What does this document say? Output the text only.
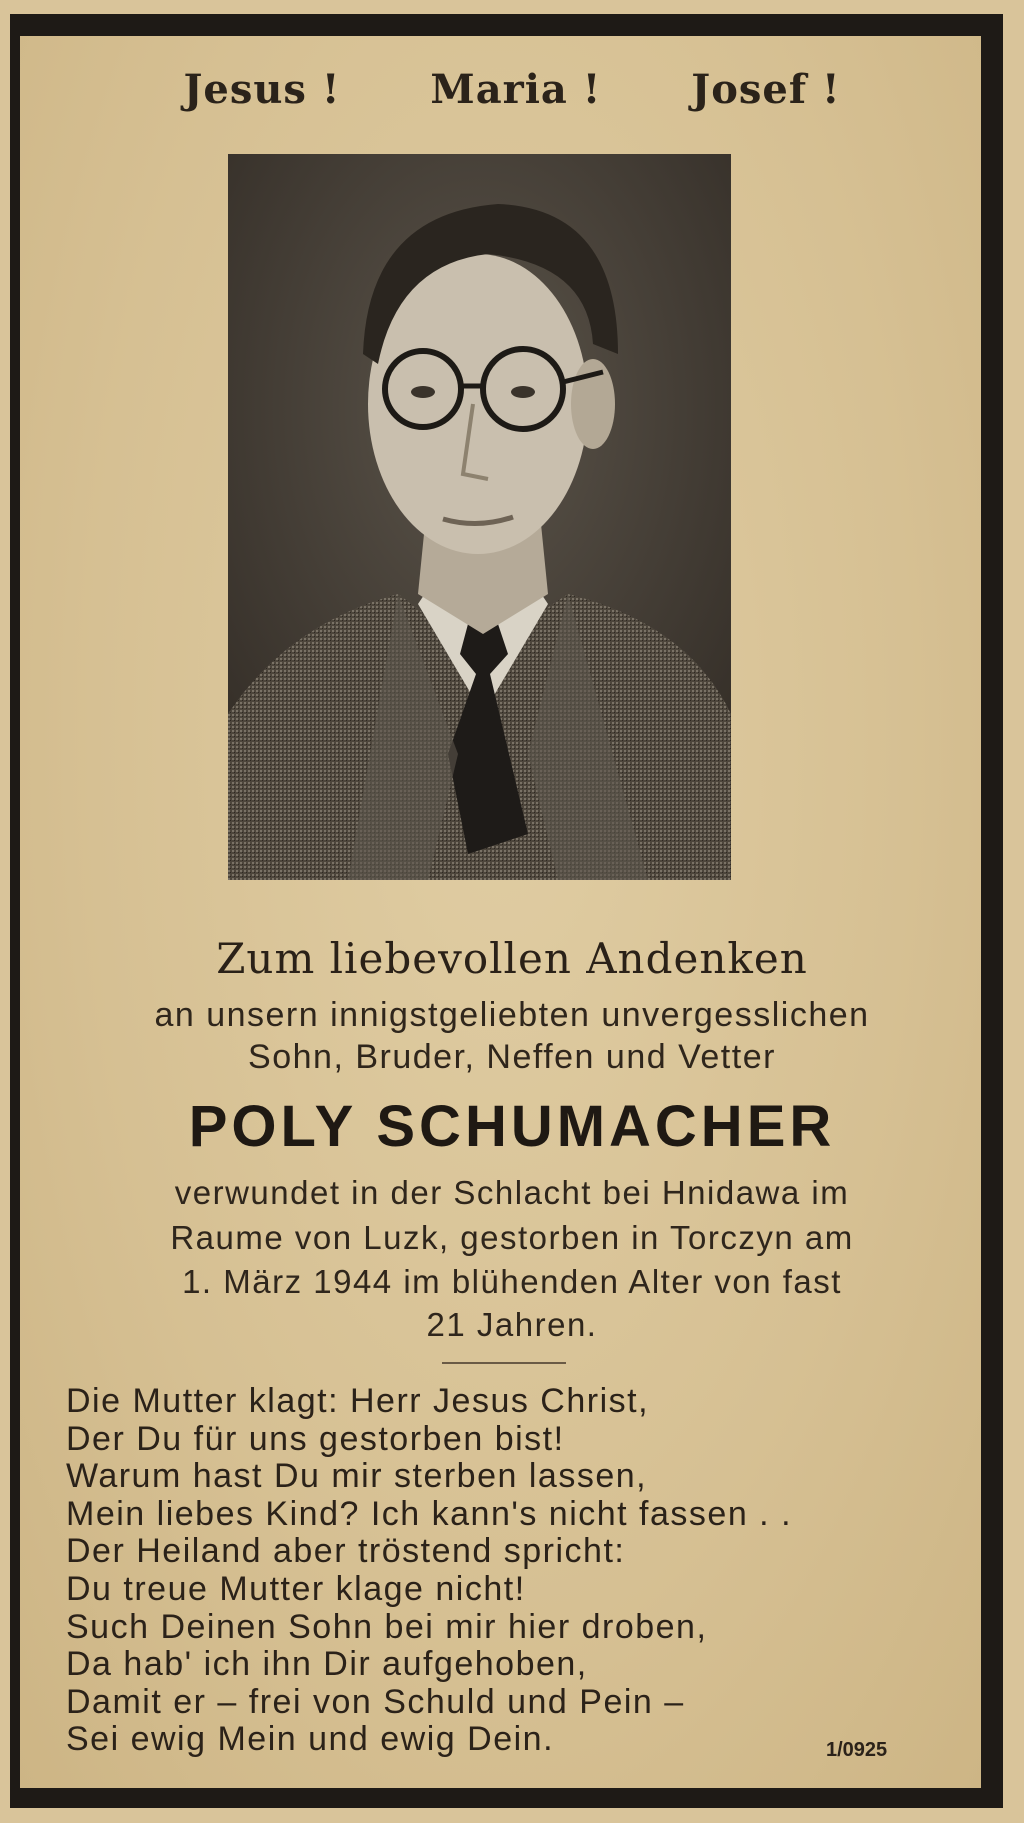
Jesus ! Maria ! Josef !
Zum liebevollen Andenken
an unsern innigstgeliebten unvergesslichen
Sohn, Bruder, Neffen und Vetter
POLY SCHUMACHER
verwundet in der Schlacht bei Hnidawa im
Raume von Luzk, gestorben in Torczyn am
1. März 1944 im blühenden Alter von fast
21 Jahren.
Die Mutter klagt: Herr Jesus Christ,
Der Du für uns gestorben bist!
Warum hast Du mir sterben lassen,
Mein liebes Kind? Ich kann's nicht fassen . .
Der Heiland aber tröstend spricht:
Du treue Mutter klage nicht!
Such Deinen Sohn bei mir hier droben,
Da hab' ich ihn Dir aufgehoben,
Damit er – frei von Schuld und Pein –
Sei ewig Mein und ewig Dein.	1/0925
